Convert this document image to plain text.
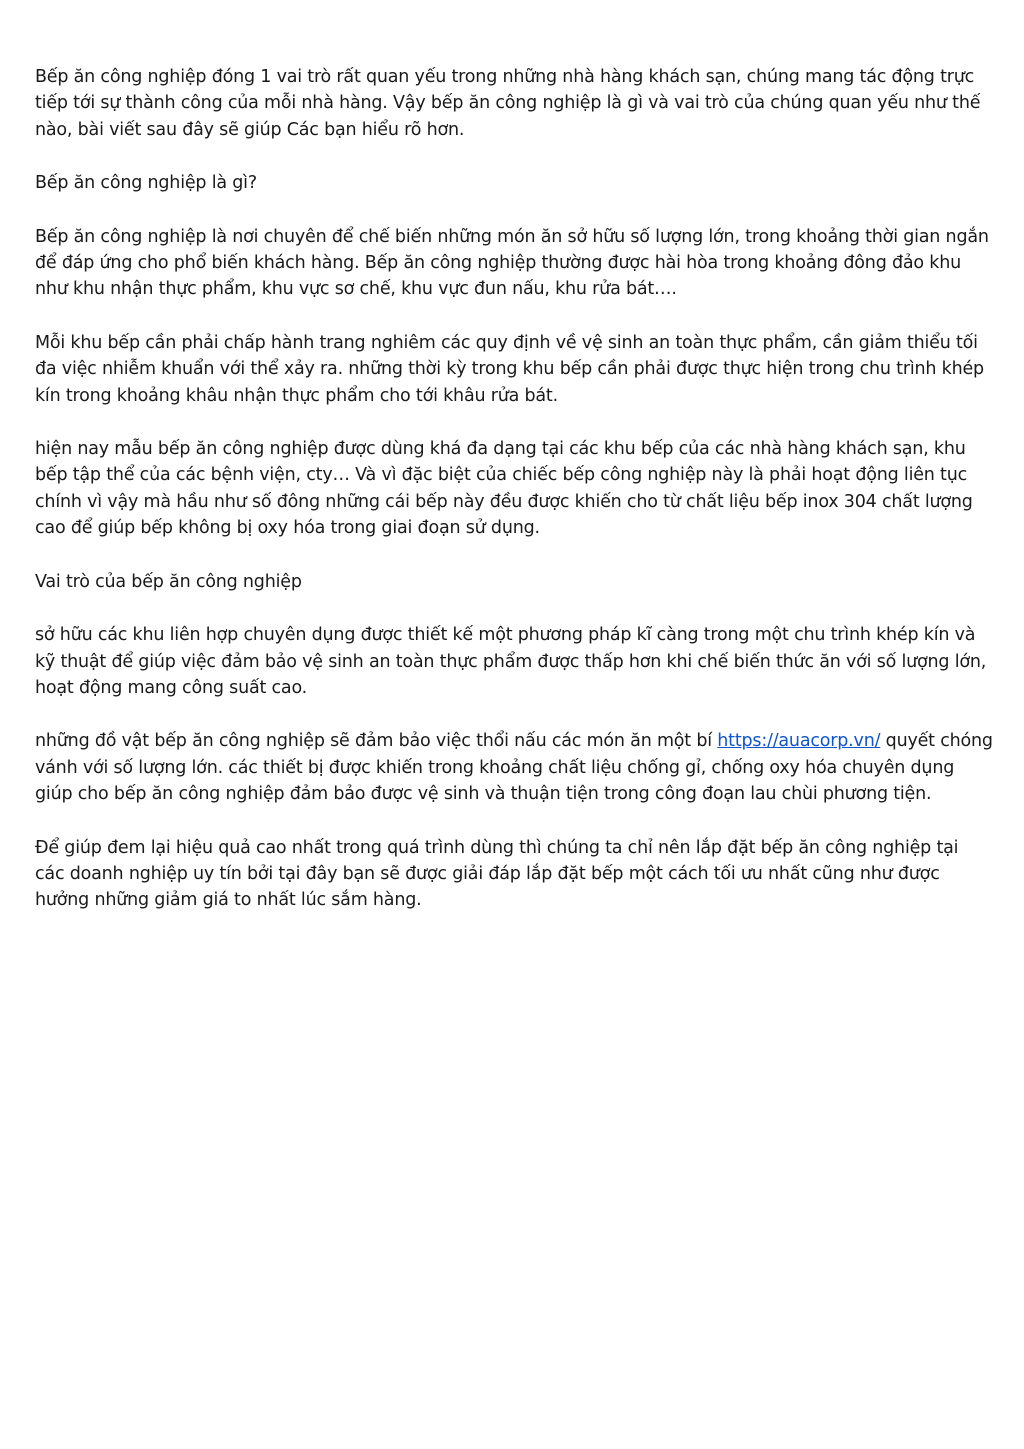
Bếp ăn công nghiệp đóng 1 vai trò rất quan yếu trong những nhà hàng khách sạn, chúng mang tác động trực tiếp tới sự thành công của mỗi nhà hàng. Vậy bếp ăn công nghiệp là gì và vai trò của chúng quan yếu như thế nào, bài viết sau đây sẽ giúp Các bạn hiểu rõ hơn.

Bếp ăn công nghiệp là gì?

Bếp ăn công nghiệp là nơi chuyên để chế biến những món ăn sở hữu số lượng lớn, trong khoảng thời gian ngắn để đáp ứng cho phổ biến khách hàng. Bếp ăn công nghiệp thường được hài hòa trong khoảng đông đảo khu như khu nhận thực phẩm, khu vực sơ chế, khu vực đun nấu, khu rửa bát….

Mỗi khu bếp cần phải chấp hành trang nghiêm các quy định về vệ sinh an toàn thực phẩm, cần giảm thiểu tối đa việc nhiễm khuẩn với thể xảy ra. những thời kỳ trong khu bếp cần phải được thực hiện trong chu trình khép kín trong khoảng khâu nhận thực phẩm cho tới khâu rửa bát.

hiện nay mẫu bếp ăn công nghiệp được dùng khá đa dạng tại các khu bếp của các nhà hàng khách sạn, khu bếp tập thể của các bệnh viện, cty… Và vì đặc biệt của chiếc bếp công nghiệp này là phải hoạt động liên tục chính vì vậy mà hầu như số đông những cái bếp này đều được khiến cho từ chất liệu bếp inox 304 chất lượng cao để giúp bếp không bị oxy hóa trong giai đoạn sử dụng.

Vai trò của bếp ăn công nghiệp

sở hữu các khu liên hợp chuyên dụng được thiết kế một phương pháp kĩ càng trong một chu trình khép kín và kỹ thuật để giúp việc đảm bảo vệ sinh an toàn thực phẩm được thấp hơn khi chế biến thức ăn với số lượng lớn, hoạt động mang công suất cao.

những đồ vật bếp ăn công nghiệp sẽ đảm bảo việc thổi nấu các món ăn một bí https://auacorp.vn/ quyết chóng vánh với số lượng lớn. các thiết bị được khiến trong khoảng chất liệu chống gỉ, chống oxy hóa chuyên dụng giúp cho bếp ăn công nghiệp đảm bảo được vệ sinh và thuận tiện trong công đoạn lau chùi phương tiện.

Để giúp đem lại hiệu quả cao nhất trong quá trình dùng thì chúng ta chỉ nên lắp đặt bếp ăn công nghiệp tại các doanh nghiệp uy tín bởi tại đây bạn sẽ được giải đáp lắp đặt bếp một cách tối ưu nhất cũng như được hưởng những giảm giá to nhất lúc sắm hàng.
